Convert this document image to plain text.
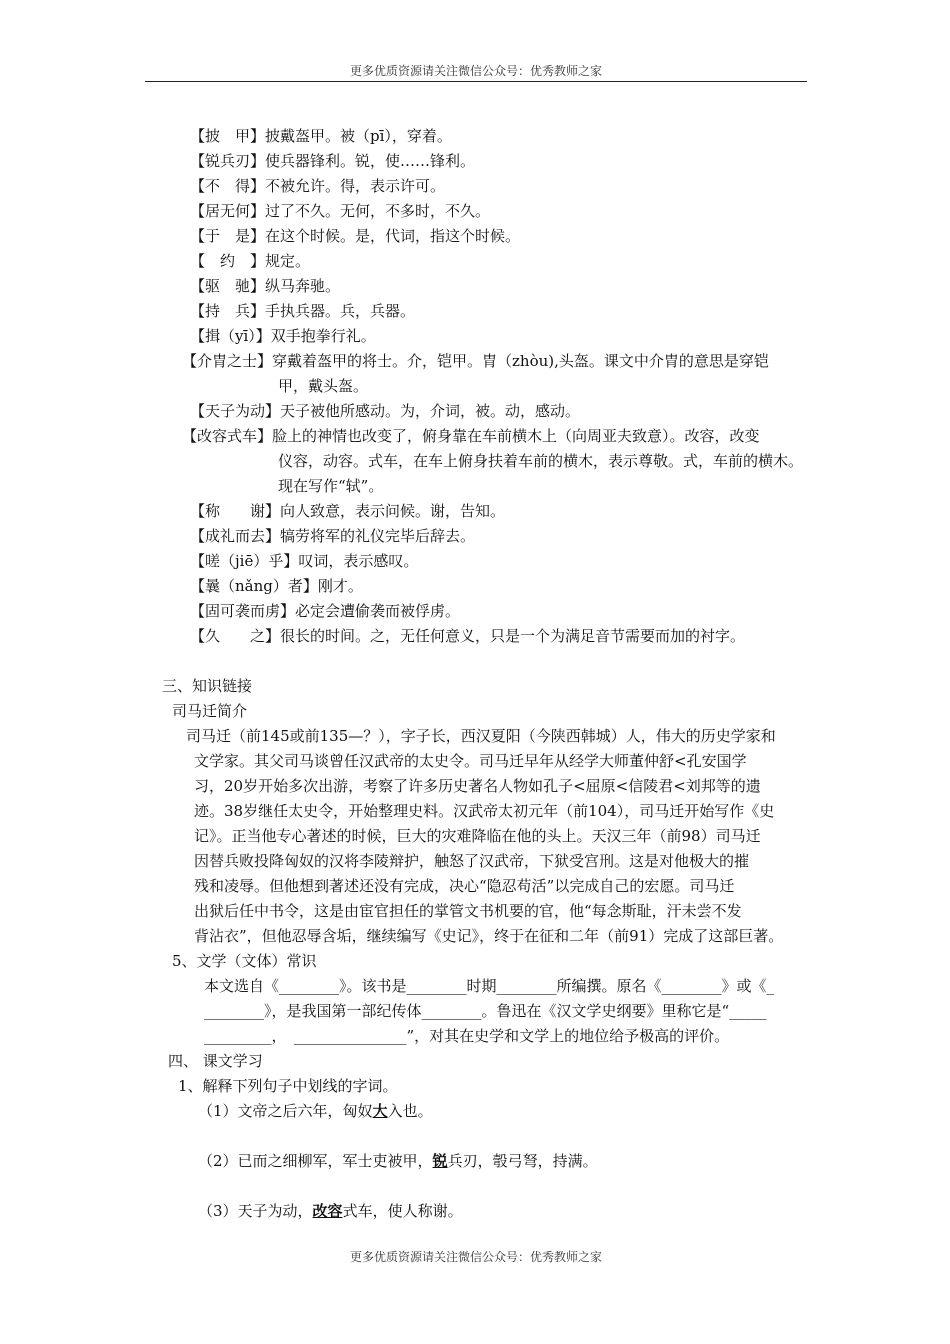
更多优质资源请关注微信公众号：优秀教师之家
【披　甲】披戴盔甲。被（pī），穿着。
【锐兵刃】使兵器锋利。锐，使……锋利。
【不　得】不被允许。得，表示许可。
【居无何】过了不久。无何，不多时，不久。
【于　是】在这个时候。是，代词，指这个时候。
【　约　】规定。
【驱　驰】纵马奔驰。
【持　兵】手执兵器。兵，兵器。
【揖（yī）】双手抱拳行礼。
【介胄之士】穿戴着盔甲的将士。介，铠甲。胄（zhòu),头盔。课文中介胄的意思是穿铠
甲，戴头盔。
【天子为动】天子被他所感动。为，介词，被。动，感动。
【改容式车】脸上的神情也改变了，俯身靠在车前横木上（向周亚夫致意）。改容，改变
仪容，动容。式车，在车上俯身扶着车前的横木，表示尊敬。式，车前的横木。
现在写作“轼”。
【称　　谢】向人致意，表示问候。谢，告知。
【成礼而去】犒劳将军的礼仪完毕后辞去。
【嗟（jiē）乎】叹词，表示感叹。
【曩（nǎng）者】刚才。
【固可袭而虏】必定会遭偷袭而被俘虏。
【久　　之】很长的时间。之，无任何意义，只是一个为满足音节需要而加的衬字。
三、知识链接
司马迁简介
司马迁（前145或前135—？），字子长，西汉夏阳（今陕西韩城）人，伟大的历史学家和
文学家。其父司马谈曾任汉武帝的太史令。司马迁早年从经学大师董仲舒<孔安国学
习，20岁开始多次出游，考察了许多历史著名人物如孔子<屈原<信陵君<刘邦等的遗
迹。38岁继任太史令，开始整理史料。汉武帝太初元年（前104），司马迁开始写作《史
记》。正当他专心著述的时候，巨大的灾难降临在他的头上。天汉三年（前98）司马迁
因替兵败投降匈奴的汉将李陵辩护，触怒了汉武帝，下狱受宫刑。这是对他极大的摧
残和凌辱。但他想到著述还没有完成，决心“隐忍苟活”以完成自己的宏愿。司马迁
出狱后任中书令，这是由宦官担任的掌管文书机要的官，他“每念斯耻，汗未尝不发
背沾衣”，但他忍辱含垢，继续编写《史记》，终于在征和二年（前91）完成了这部巨著。
5、文学（文体）常识
本文选自《________》。该书是________时期________所编撰。原名《________》或《_
________》，是我国第一部纪传体________。鲁迅在《汉文学史纲要》里称它是“_____
_________，　_______________”，对其在史学和文学上的地位给予极高的评价。
四、 课文学习
1、解释下列句子中划线的字词。
（1）文帝之后六年，匈奴大入也。
（2）已而之细柳军，军士吏被甲，锐兵刃，彀弓弩，持满。
（3）天子为动，改容式车，使人称谢。
更多优质资源请关注微信公众号：优秀教师之家
